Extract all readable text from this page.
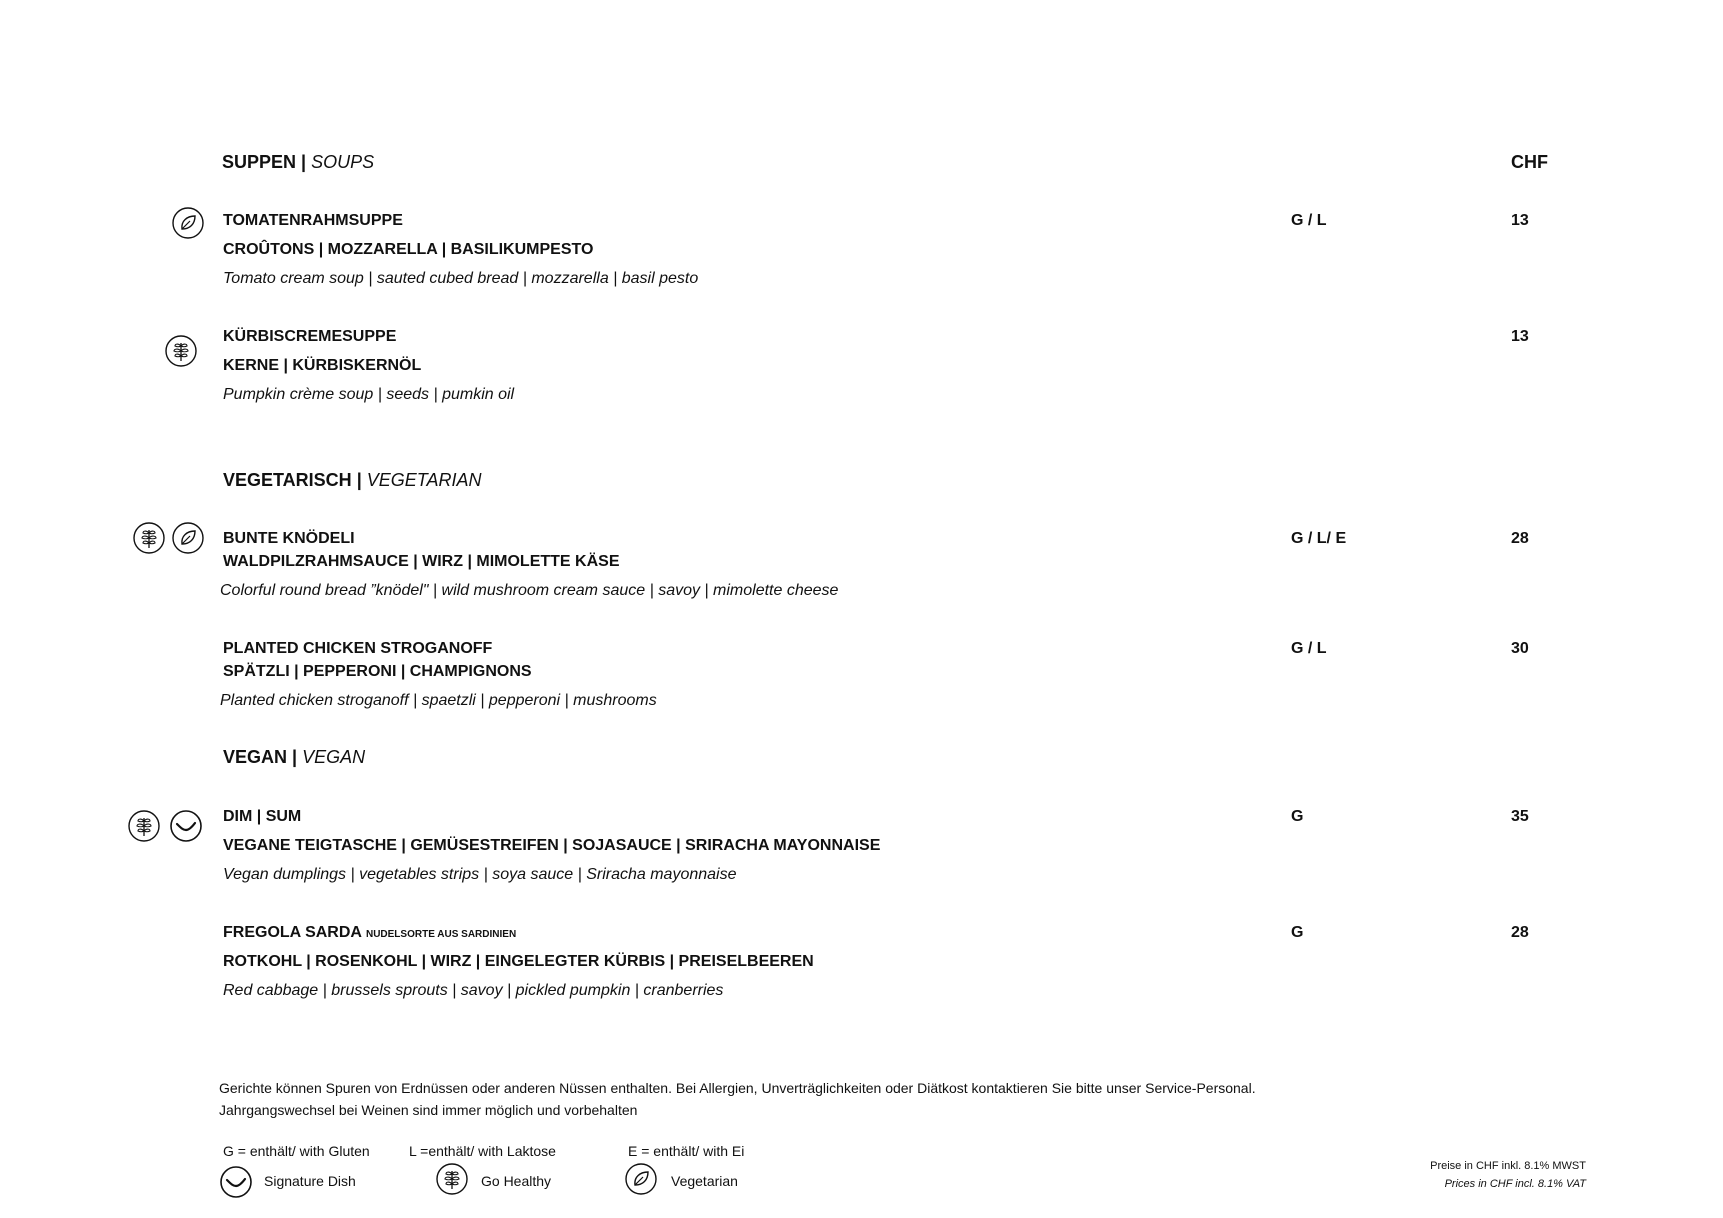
SUPPEN | SOUPS	CHF
TOMATENRAHMSUPPE
CROÛTONS | MOZZARELLA | BASILIKUMPESTO
Tomato cream soup | sauted cubed bread | mozzarella | basil pesto
G / L	13
KÜRBISCREMESUPPE
KERNE | KÜRBISKERNÖL
Pumpkin crème soup | seeds | pumkin oil
13
VEGETARISCH | VEGETARIAN
BUNTE KNÖDELI
WALDPILZRAHMSAUCE | WIRZ | MIMOLETTE KÄSE
Colorful round bread ”knödel" | wild mushroom cream sauce | savoy | mimolette cheese
G / L/ E	28
PLANTED CHICKEN STROGANOFF
SPÄTZLI | PEPPERONI | CHAMPIGNONS
Planted chicken stroganoff | spaetzli | pepperoni | mushrooms
G / L	30
VEGAN | VEGAN
DIM | SUM
VEGANE TEIGTASCHE | GEMÜSESTREIFEN | SOJASAUCE | SRIRACHA MAYONNAISE
Vegan dumplings | vegetables strips | soya sauce | Sriracha mayonnaise
G	35
FREGOLA SARDA NUDELSORTE AUS SARDINIEN
ROTKOHL | ROSENKOHL | WIRZ | EINGELEGTER KÜRBIS | PREISELBEEREN
Red cabbage | brussels sprouts | savoy | pickled pumpkin | cranberries
G	28
Gerichte können Spuren von Erdnüssen oder anderen Nüssen enthalten. Bei Allergien, Unverträglichkeiten oder Diätkost kontaktieren Sie bitte unser Service-Personal.
Jahrgangswechsel bei Weinen sind immer möglich und vorbehalten
G = enthält/ with Gluten	L =enthält/ with Laktose	E = enthält/ with Ei
Signature Dish	Go Healthy	Vegetarian
Preise in CHF inkl. 8.1% MWST
Prices in CHF incl. 8.1% VAT
